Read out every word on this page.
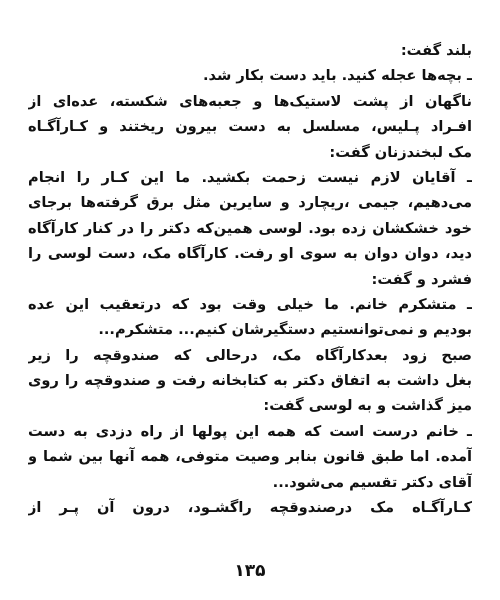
بلند گفت:
ـ بچه‌ها عجله کنید. باید دست بکار شد.
ناگهان از پشت لاستیک‌ها و جعبه‌های شکسته، عده‌ای از
افـراد پـلیس، مسلسل به دست بیرون ریختند و کـارآگـاه
مک لبخندزنان گفت:
ـ آقایان لازم نیست زحمت بکشید. ما این کـار را انجام
می‌دهیم، جیمی ،ریچارد و سایرین مثل برق گرفته‌ها برجای
خود خشکشان زده بود. لوسی همین‌که دکتر را در کنار کارآگاه
دید، دوان دوان به سوی او رفت. کارآگاه مک، دست لوسی را
فشرد و گفت:
ـ متشکرم خانم. ما خیلی وقت بود که درتعقیب این عده
بودیم و نمی‌توانستیم دستگیرشان کنیم... متشکرم...
صبح زود بعدکارآگاه مک، درحالی که صندوقچه را زیر
بغل داشت به اتفاق دکتر به کتابخانه رفت و صندوقچه را روی
میز گذاشت و به لوسی گفت:
ـ خانم درست است که همه این پولها از راه دزدی به دست
آمده. اما طبق قانون بنابر وصیت متوفی، همه آنها بین شما و
آقای دکتر تقسیم می‌شود...
کـارآگـاه مک درصندوقچه راگشـود، درون آن پـر از
۱۳۵
